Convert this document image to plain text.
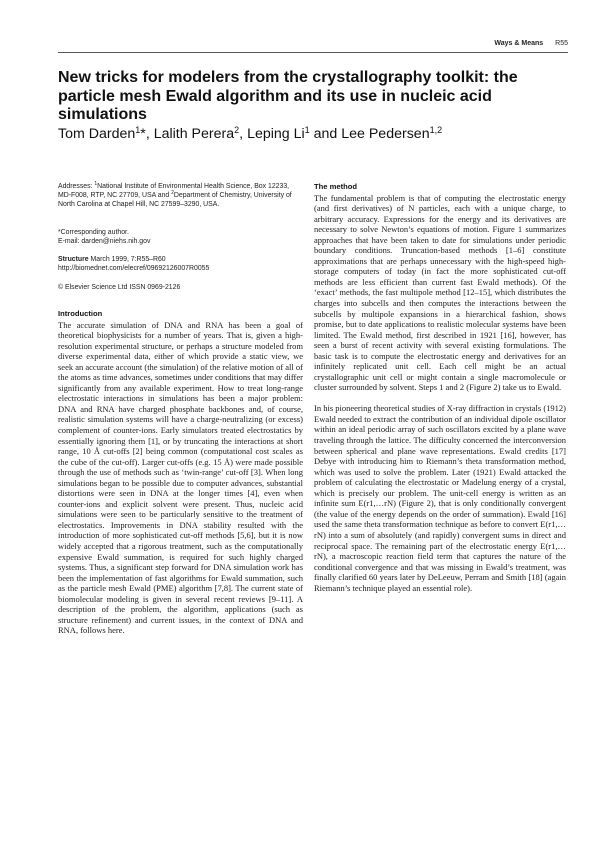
Ways & Means R55
New tricks for modelers from the crystallography toolkit: the particle mesh Ewald algorithm and its use in nucleic acid simulations
Tom Darden$^1$*, Lalith Perera$^2$, Leping Li$^1$ and Lee Pedersen$^{1,2}$
Addresses: $^1$National Institute of Environmental Health Science, Box 12233, MD-F008, RTP, NC 27709, USA and $^2$Department of Chemistry, University of North Carolina at Chapel Hill, NC 27599–3290, USA.
*Corresponding author.
E-mail: darden@niehs.nih.gov
Structure March 1999, 7:R55–R60
http://biomednet.com/elecref/09692126007R0055
© Elsevier Science Ltd ISSN 0969-2126
Introduction

The accurate simulation of DNA and RNA has been a goal of theoretical biophysicists for a number of years. That is, given a high-resolution experimental structure, or perhaps a structure modeled from diverse experimental data, either of which provide a static view, we seek an accurate account (the simulation) of the relative motion of all of the atoms as time advances, sometimes under conditions that may differ significantly from any available experiment. How to treat long-range electrostatic interactions in simulations has been a major problem: DNA and RNA have charged phosphate backbones and, of course, realistic simulation systems will have a charge-neutralizing (or excess) complement of counter-ions. Early simulators treated electrostatics by essentially ignoring them [1], or by truncating the interactions at short range, 10 Å cut-offs [2] being common (computational cost scales as the cube of the cut-off). Larger cut-offs (e.g. 15 Å) were made possible through the use of methods such as ‘twin-range’ cut-off [3]. When long simulations began to be possible due to computer advances, substantial distortions were seen in DNA at the longer times [4], even when counter-ions and explicit solvent were present. Thus, nucleic acid simulations were seen to be particularly sensitive to the treatment of electrostatics. Improvements in DNA stability resulted with the introduction of more sophisticated cut-off methods [5,6], but it is now widely accepted that a rigorous treatment, such as the computationally expensive Ewald summation, is required for such highly charged systems. Thus, a significant step forward for DNA simulation work has been the implementation of fast algorithms for Ewald summation, such as the particle mesh Ewald (PME) algorithm [7,8]. The current state of biomolecular modeling is given in several recent reviews [9–11]. A description of the problem, the algorithm, applications (such as structure refinement) and current issues, in the context of DNA and RNA, follows here.

The method

The fundamental problem is that of computing the electrostatic energy (and first derivatives) of N particles, each with a unique charge, to arbitrary accuracy. Expressions for the energy and its derivatives are necessary to solve Newton’s equations of motion. Figure 1 summarizes approaches that have been taken to date for simulations under periodic boundary conditions. Truncation-based methods [1–6] constitute approximations that are perhaps unnecessary with the high-speed high-storage computers of today (in fact the more sophisticated cut-off methods are less efficient than current fast Ewald methods). Of the ‘exact’ methods, the fast multipole method [12–15], which distributes the charges into subcells and then computes the interactions between the subcells by multipole expansions in a hierarchical fashion, shows promise, but to date applications to realistic molecular systems have been limited. The Ewald method, first described in 1921 [16], however, has seen a burst of recent activity with several existing formulations. The basic task is to compute the electrostatic energy and derivatives for an infinitely replicated unit cell. Each cell might be an actual crystallographic unit cell or might contain a single macromolecule or cluster surrounded by solvent. Steps 1 and 2 (Figure 2) take us to Ewald.

In his pioneering theoretical studies of X-ray diffraction in crystals (1912) Ewald needed to extract the contribution of an individual dipole oscillator within an ideal periodic array of such oscillators excited by a plane wave traveling through the lattice. The difficulty concerned the interconversion between spherical and plane wave representations. Ewald credits [17] Debye with introducing him to Riemann’s theta transformation method, which was used to solve the problem. Later (1921) Ewald attacked the problem of calculating the electrostatic or Madelung energy of a crystal, which is precisely our problem. The unit-cell energy is written as an infinite sum E(r1,…rN) (Figure 2), that is only conditionally convergent (the value of the energy depends on the order of summation). Ewald [16] used the same theta transformation technique as before to convert E(r1,…rN) into a sum of absolutely (and rapidly) convergent sums in direct and reciprocal space. The remaining part of the electrostatic energy E(r1,…rN), a macroscopic reaction field term that captures the nature of the conditional convergence and that was missing in Ewald’s treatment, was finally clarified 60 years later by DeLeeuw, Perram and Smith [18] (again Riemann’s technique played an essential role).
